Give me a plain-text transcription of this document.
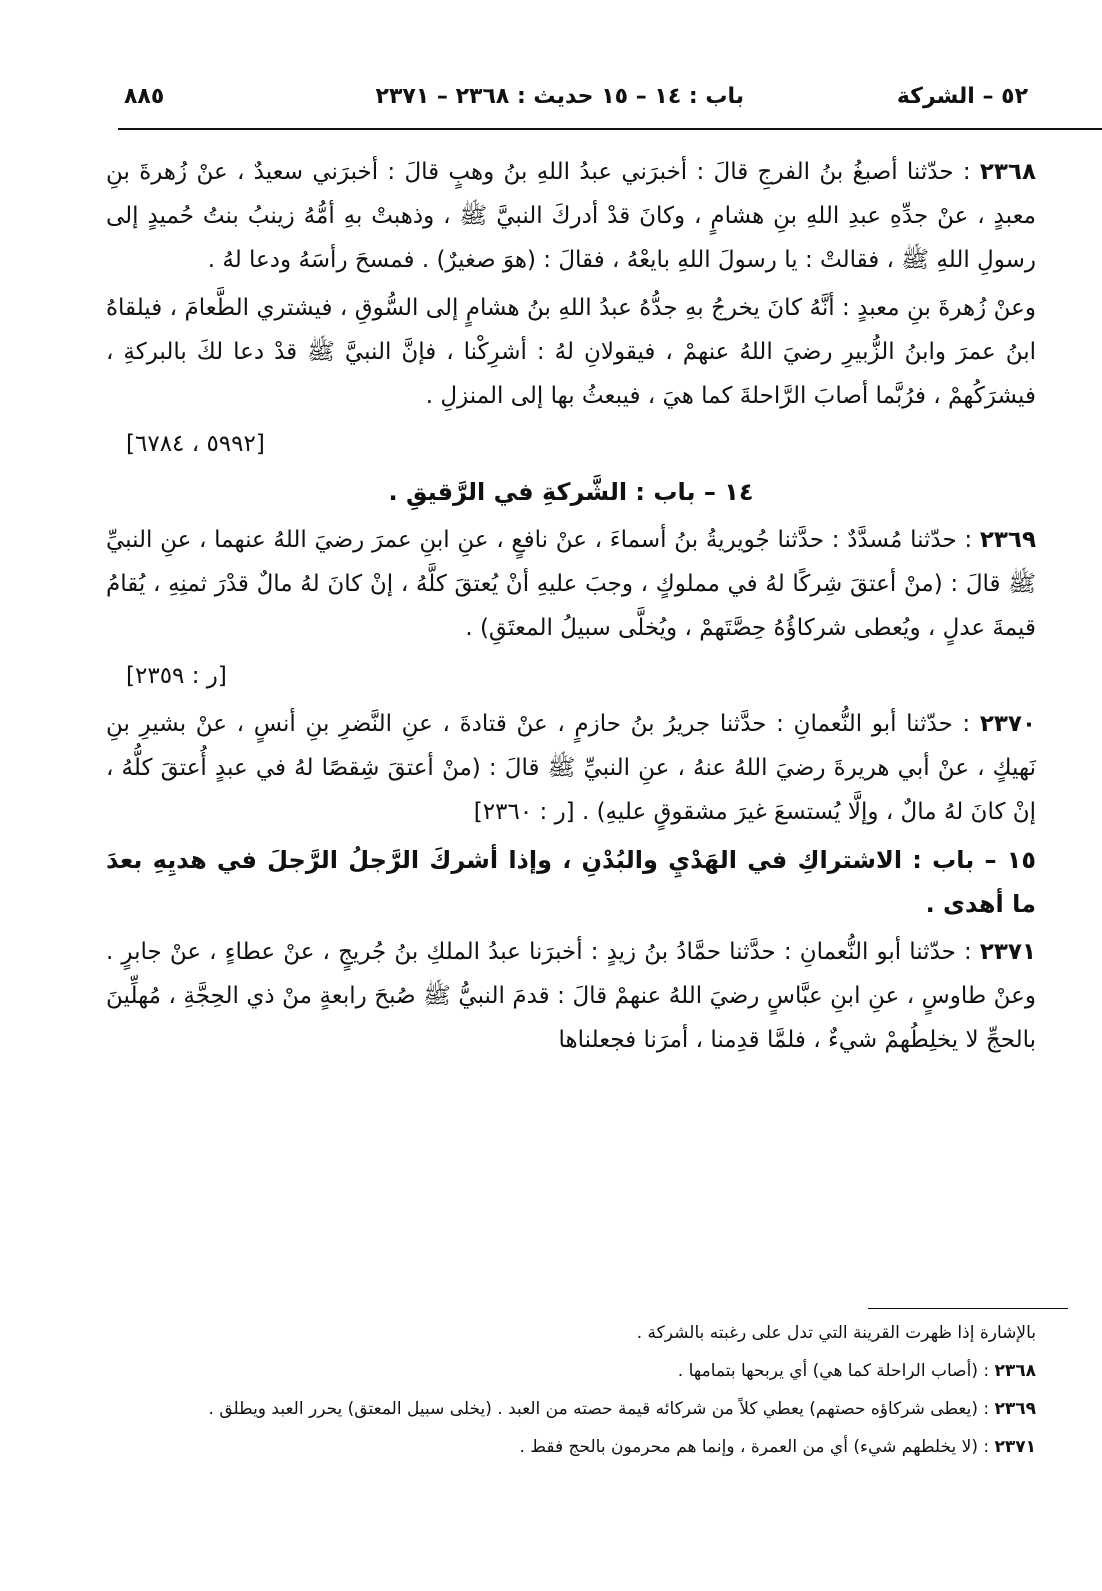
٥٢ – الشركة
باب : ١٤ – ١٥ حديث : ٢٣٦٨ – ٢٣٧١
٨٨٥

٢٣٦٨ : حدّثنا أصبغُ بنُ الفرجِ قالَ : أخبرَني عبدُ اللهِ بنُ وهبٍ قالَ : أخبرَني سعيدٌ ، عنْ زُهرةَ بنِ معبدٍ ، عنْ جدِّهِ عبدِ اللهِ بنِ هشامٍ ، وكانَ قدْ أدركَ النبيَّ ﷺ ، وذهبتْ بهِ أمُّهُ زينبُ بنتُ حُميدٍ إلى رسولِ اللهِ ﷺ ، فقالتْ : يا رسولَ اللهِ بايعْهُ ، فقالَ : (هوَ صغيرٌ) . فمسحَ رأسَهُ ودعا لهُ .

وعنْ زُهرةَ بنِ معبدٍ : أنَّهُ كانَ يخرجُ بهِ جدُّهُ عبدُ اللهِ بنُ هشامٍ إلى السُّوقِ ، فيشتري الطَّعامَ ، فيلقاهُ ابنُ عمرَ وابنُ الزُّبيرِ رضيَ اللهُ عنهمْ ، فيقولانِ لهُ : أشرِكْنا ، فإنَّ النبيَّ ﷺ قدْ دعا لكَ بالبركةِ ، فيشرَكُهمْ ، فرُبَّما أصابَ الرَّاحلةَ كما هيَ ، فيبعثُ بها إلى المنزلِ .

[٥٩٩٢ ، ٦٧٨٤]

١٤ – باب : الشَّركةِ في الرَّقيقِ .

٢٣٦٩ : حدّثنا مُسدَّدٌ : حدَّثنا جُويريةُ بنُ أسماءَ ، عنْ نافعٍ ، عنِ ابنِ عمرَ رضيَ اللهُ عنهما ، عنِ النبيِّ ﷺ قالَ : (منْ أعتقَ شِركًا لهُ في مملوكٍ ، وجبَ عليهِ أنْ يُعتقَ كلَّهُ ، إنْ كانَ لهُ مالٌ قدْرَ ثمنِهِ ، يُقامُ قيمةَ عدلٍ ، ويُعطى شركاؤُهُ حِصَّتَهمْ ، ويُخلَّى سبيلُ المعتَقِ) .

[ر : ٢٣٥٩]

٢٣٧٠ : حدّثنا أبو النُّعمانِ : حدَّثنا جريرُ بنُ حازمٍ ، عنْ قتادةَ ، عنِ النَّضرِ بنِ أنسٍ ، عنْ بشيرِ بنِ نَهيكٍ ، عنْ أبي هريرةَ رضيَ اللهُ عنهُ ، عنِ النبيِّ ﷺ قالَ : (منْ أعتقَ شِقصًا لهُ في عبدٍ أُعتقَ كلُّهُ ، إنْ كانَ لهُ مالٌ ، وإلَّا يُستسعَ غيرَ مشقوقٍ عليهِ) . [ر : ٢٣٦٠]

١٥ – باب : الاشتراكِ في الهَدْيِ والبُدْنِ ، وإذا أشركَ الرَّجلُ الرَّجلَ في هديِهِ بعدَ ما أهدى .

٢٣٧١ : حدّثنا أبو النُّعمانِ : حدَّثنا حمَّادُ بنُ زيدٍ : أخبرَنا عبدُ الملكِ بنُ جُريجٍ ، عنْ عطاءٍ ، عنْ جابرٍ . وعنْ طاوسٍ ، عنِ ابنِ عبَّاسٍ رضيَ اللهُ عنهمْ قالَ : قدمَ النبيُّ ﷺ صُبحَ رابعةٍ منْ ذي الحِجَّةِ ، مُهلِّينَ بالحجِّ لا يخلِطُهمْ شيءٌ ، فلمَّا قدِمنا ، أمرَنا فجعلناها

بالإشارة إذا ظهرت القرينة التي تدل على رغبته بالشركة .

٢٣٦٨ : (أصاب الراحلة كما هي) أي يربحها بتمامها .

٢٣٦٩ : (يعطى شركاؤه حصتهم) يعطي كلاً من شركائه قيمة حصته من العبد . (يخلى سبيل المعتق) يحرر العبد ويطلق .

٢٣٧١ : (لا يخلطهم شيء) أي من العمرة ، وإنما هم محرمون بالحج فقط .
